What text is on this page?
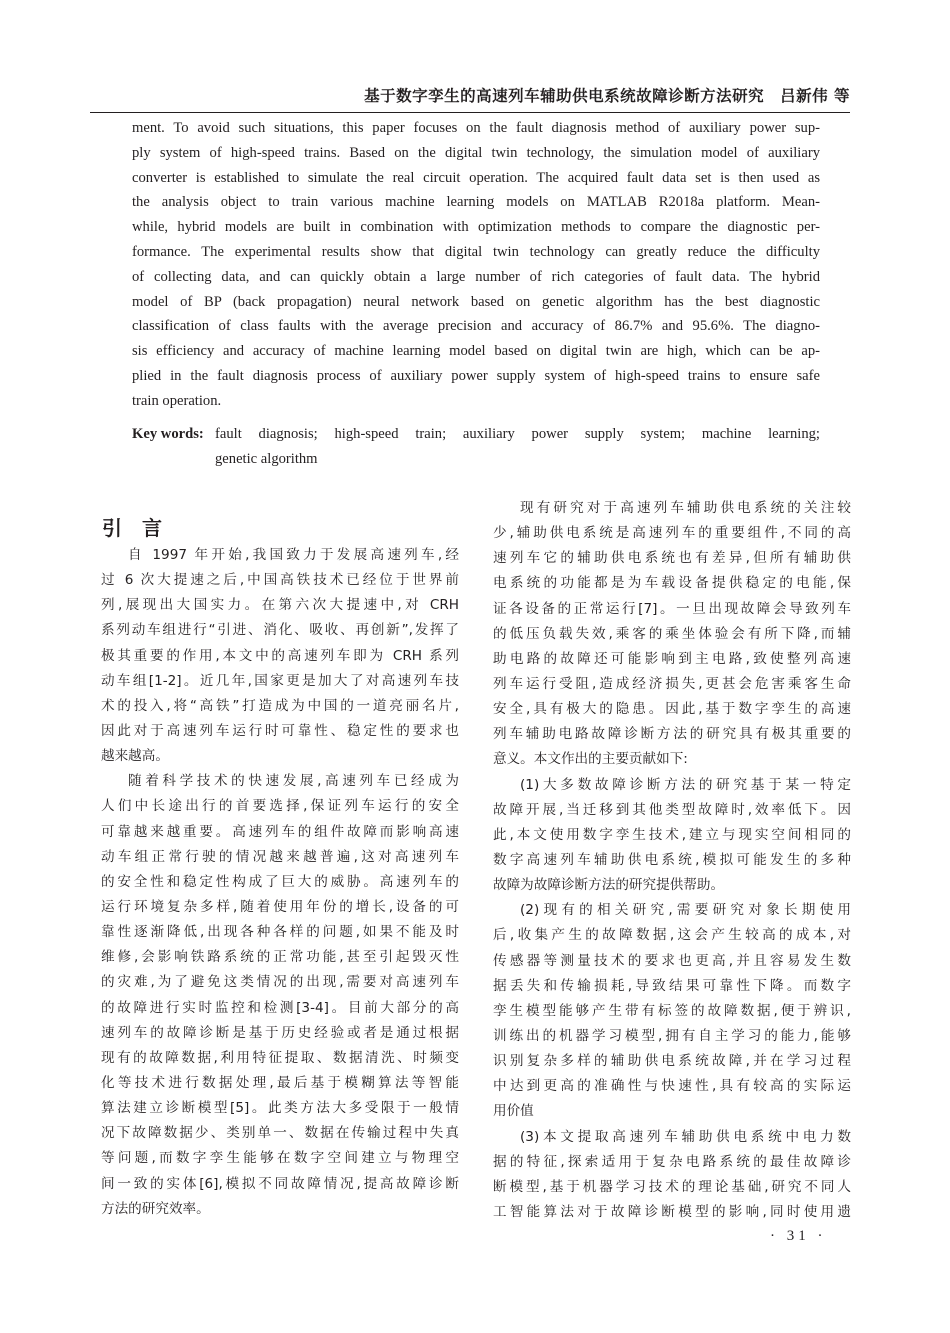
基于数字孪生的高速列车辅助供电系统故障诊断方法研究　吕新伟 等
ment. To avoid such situations, this paper focuses on the fault diagnosis method of auxiliary power sup-
ply system of high-speed trains. Based on the digital twin technology, the simulation model of auxiliary
converter is established to simulate the real circuit operation. The acquired fault data set is then used as
the analysis object to train various machine learning models on MATLAB R2018a platform. Mean-
while, hybrid models are built in combination with optimization methods to compare the diagnostic per-
formance. The experimental results show that digital twin technology can greatly reduce the difficulty
of collecting data, and can quickly obtain a large number of rich categories of fault data. The hybrid
model of BP (back propagation) neural network based on genetic algorithm has the best diagnostic
classification of class faults with the average precision and accuracy of 86.7% and 95.6%. The diagno-
sis efficiency and accuracy of machine learning model based on digital twin are high, which can be ap-
plied in the fault diagnosis process of auxiliary power supply system of high-speed trains to ensure safe
train operation.
Key words: fault diagnosis; high-speed train; auxiliary power supply system; machine learning;
genetic algorithm
引言
自 1997 年开始,我国致力于发展高速列车,经
过 6 次大提速之后,中国高铁技术已经位于世界前
列,展现出大国实力。在第六次大提速中,对 CRH
系列动车组进行“引进、消化、吸收、再创新”,发挥了
极其重要的作用,本文中的高速列车即为 CRH 系列
动车组[1-2]。近几年,国家更是加大了对高速列车技
术的投入,将“高铁”打造成为中国的一道亮丽名片,
因此对于高速列车运行时可靠性、稳定性的要求也
越来越高。
随着科学技术的快速发展,高速列车已经成为
人们中长途出行的首要选择,保证列车运行的安全
可靠越来越重要。高速列车的组件故障而影响高速
动车组正常行驶的情况越来越普遍,这对高速列车
的安全性和稳定性构成了巨大的威胁。高速列车的
运行环境复杂多样,随着使用年份的增长,设备的可
靠性逐渐降低,出现各种各样的问题,如果不能及时
维修,会影响铁路系统的正常功能,甚至引起毁灭性
的灾难,为了避免这类情况的出现,需要对高速列车
的故障进行实时监控和检测[3-4]。目前大部分的高
速列车的故障诊断是基于历史经验或者是通过根据
现有的故障数据,利用特征提取、数据清洗、时频变
化等技术进行数据处理,最后基于模糊算法等智能
算法建立诊断模型[5]。此类方法大多受限于一般情
况下故障数据少、类别单一、数据在传输过程中失真
等问题,而数字孪生能够在数字空间建立与物理空
间一致的实体[6],模拟不同故障情况,提高故障诊断
方法的研究效率。
现有研究对于高速列车辅助供电系统的关注较
少,辅助供电系统是高速列车的重要组件,不同的高
速列车它的辅助供电系统也有差异,但所有辅助供
电系统的功能都是为车载设备提供稳定的电能,保
证各设备的正常运行[7]。一旦出现故障会导致列车
的低压负载失效,乘客的乘坐体验会有所下降,而辅
助电路的故障还可能影响到主电路,致使整列高速
列车运行受阻,造成经济损失,更甚会危害乘客生命
安全,具有极大的隐患。因此,基于数字孪生的高速
列车辅助电路故障诊断方法的研究具有极其重要的
意义。本文作出的主要贡献如下:
(1)大多数故障诊断方法的研究基于某一特定
故障开展,当迁移到其他类型故障时,效率低下。因
此,本文使用数字孪生技术,建立与现实空间相同的
数字高速列车辅助供电系统,模拟可能发生的多种
故障为故障诊断方法的研究提供帮助。
(2)现有的相关研究,需要研究对象长期使用
后,收集产生的故障数据,这会产生较高的成本,对
传感器等测量技术的要求也更高,并且容易发生数
据丢失和传输损耗,导致结果可靠性下降。而数字
孪生模型能够产生带有标签的故障数据,便于辨识,
训练出的机器学习模型,拥有自主学习的能力,能够
识别复杂多样的辅助供电系统故障,并在学习过程
中达到更高的准确性与快速性,具有较高的实际运
用价值
(3)本文提取高速列车辅助供电系统中电力数
据的特征,探索适用于复杂电路系统的最佳故障诊
断模型,基于机器学习技术的理论基础,研究不同人
工智能算法对于故障诊断模型的影响,同时使用遗
· 31 ·
